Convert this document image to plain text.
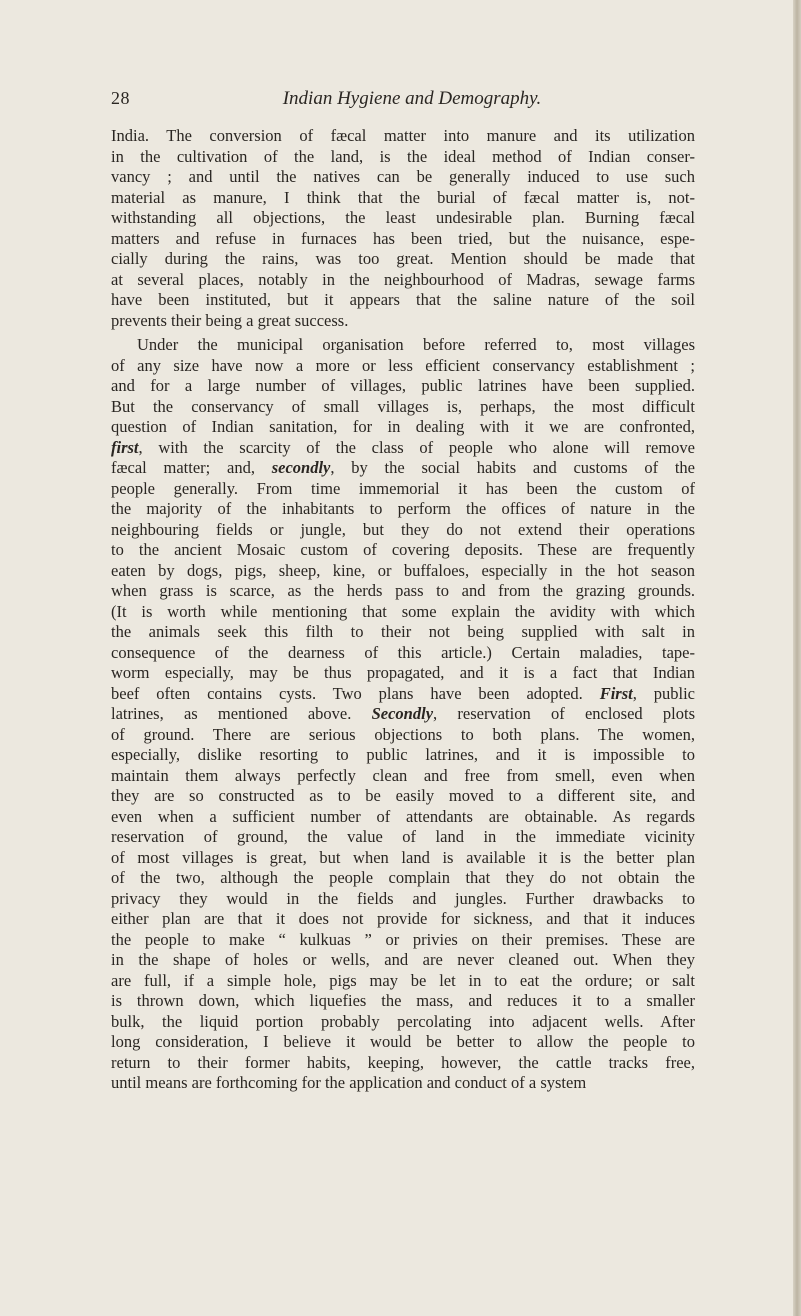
28	Indian Hygiene and Demography.
India. The conversion of fæcal matter into manure and its utilization
in the cultivation of the land, is the ideal method of Indian conser-
vancy ; and until the natives can be generally induced to use such
material as manure, I think that the burial of fæcal matter is, not-
withstanding all objections, the least undesirable plan. Burning fæcal
matters and refuse in furnaces has been tried, but the nuisance, espe-
cially during the rains, was too great. Mention should be made that
at several places, notably in the neighbourhood of Madras, sewage farms
have been instituted, but it appears that the saline nature of the soil
prevents their being a great success.
Under the municipal organisation before referred to, most villages
of any size have now a more or less efficient conservancy establishment ;
and for a large number of villages, public latrines have been supplied.
But the conservancy of small villages is, perhaps, the most difficult
question of Indian sanitation, for in dealing with it we are confronted,
first, with the scarcity of the class of people who alone will remove
fæcal matter; and, secondly, by the social habits and customs of the
people generally. From time immemorial it has been the custom of
the majority of the inhabitants to perform the offices of nature in the
neighbouring fields or jungle, but they do not extend their operations
to the ancient Mosaic custom of covering deposits. These are frequently
eaten by dogs, pigs, sheep, kine, or buffaloes, especially in the hot season
when grass is scarce, as the herds pass to and from the grazing grounds.
(It is worth while mentioning that some explain the avidity with which
the animals seek this filth to their not being supplied with salt in
consequence of the dearness of this article.) Certain maladies, tape-
worm especially, may be thus propagated, and it is a fact that Indian
beef often contains cysts. Two plans have been adopted. First, public
latrines, as mentioned above. Secondly, reservation of enclosed plots
of ground. There are serious objections to both plans. The women,
especially, dislike resorting to public latrines, and it is impossible to
maintain them always perfectly clean and free from smell, even when
they are so constructed as to be easily moved to a different site, and
even when a sufficient number of attendants are obtainable. As regards
reservation of ground, the value of land in the immediate vicinity
of most villages is great, but when land is available it is the better plan
of the two, although the people complain that they do not obtain the
privacy they would in the fields and jungles. Further drawbacks to
either plan are that it does not provide for sickness, and that it induces
the people to make “ kulkuas ” or privies on their premises. These are
in the shape of holes or wells, and are never cleaned out. When they
are full, if a simple hole, pigs may be let in to eat the ordure; or salt
is thrown down, which liquefies the mass, and reduces it to a smaller
bulk, the liquid portion probably percolating into adjacent wells. After
long consideration, I believe it would be better to allow the people to
return to their former habits, keeping, however, the cattle tracks free,
until means are forthcoming for the application and conduct of a system
